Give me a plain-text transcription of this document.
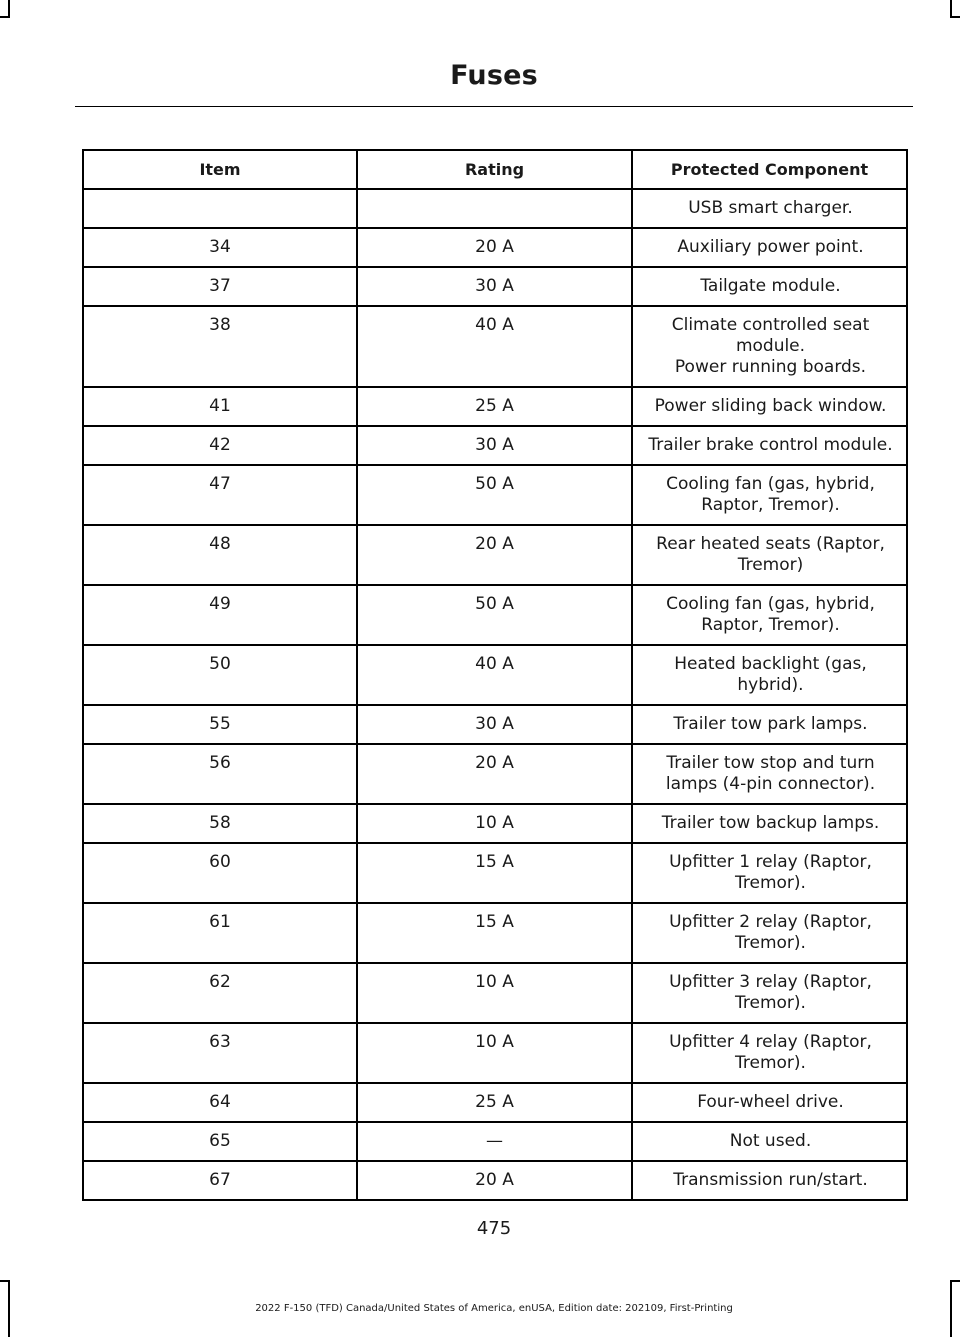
Fuses
Item	Rating	Protected Component

		USB smart charger.

34	20 A	Auxiliary power point.

37	30 A	Tailgate module.

38	40 A	Climate controlled seat module.
Power running boards.

41	25 A	Power sliding back window.

42	30 A	Trailer brake control module.

47	50 A	Cooling fan (gas, hybrid, Raptor, Tremor).

48	20 A	Rear heated seats (Raptor, Tremor)

49	50 A	Cooling fan (gas, hybrid, Raptor, Tremor).

50	40 A	Heated backlight (gas, hybrid).

55	30 A	Trailer tow park lamps.

56	20 A	Trailer tow stop and turn lamps (4-pin connector).

58	10 A	Trailer tow backup lamps.

60	15 A	Upfitter 1 relay (Raptor, Tremor).

61	15 A	Upfitter 2 relay (Raptor, Tremor).

62	10 A	Upfitter 3 relay (Raptor, Tremor).

63	10 A	Upfitter 4 relay (Raptor, Tremor).

64	25 A	Four-wheel drive.

65	—	Not used.

67	20 A	Transmission run/start.
475
2022 F-150 (TFD) Canada/United States of America, enUSA, Edition date: 202109, First-Printing
